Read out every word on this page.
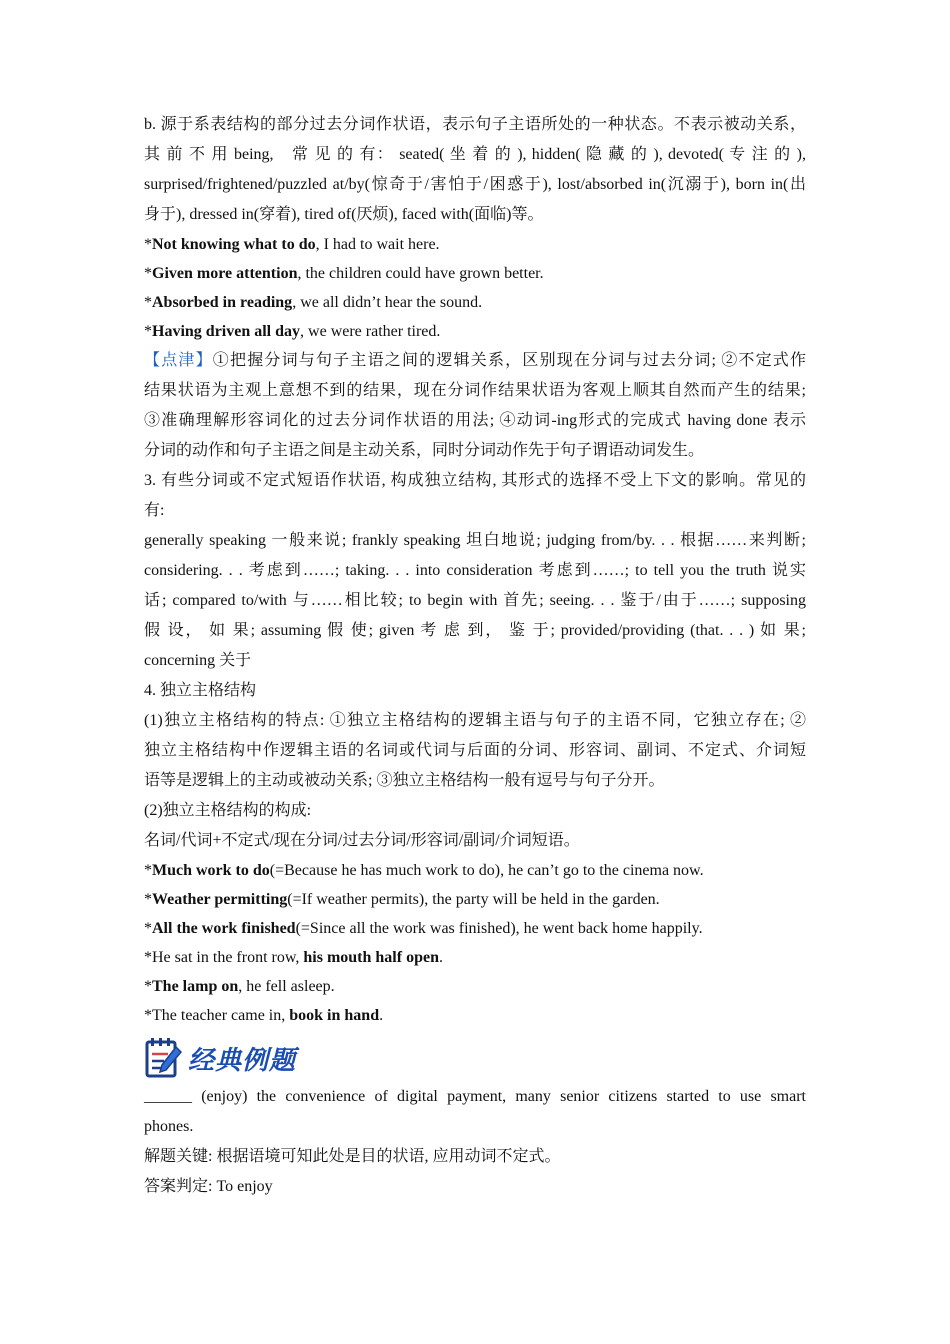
b. 源于系表结构的部分过去分词作状语，表示句子主语所处的一种状态。不表示被动关系，

其 前 不 用 being,　常 见 的 有： seated( 坐 着 的 ), hidden( 隐 藏 的 ), devoted( 专 注 的 ),

surprised/frightened/puzzled at/by(惊奇于/害怕于/困惑于), lost/absorbed in(沉溺于), born in(出

身于), dressed in(穿着), tired of(厌烦), faced with(面临)等。

*Not knowing what to do, I had to wait here.

*Given more attention, the children could have grown better.

*Absorbed in reading, we all didn’t hear the sound.

*Having driven all day, we were rather tired.

【点津】①把握分词与句子主语之间的逻辑关系，区别现在分词与过去分词; ②不定式作

结果状语为主观上意想不到的结果，现在分词作结果状语为客观上顺其自然而产生的结果;

③准确理解形容词化的过去分词作状语的用法; ④动词-ing形式的完成式 having done 表示

分词的动作和句子主语之间是主动关系，同时分词动作先于句子谓语动词发生。

3. 有些分词或不定式短语作状语, 构成独立结构, 其形式的选择不受上下文的影响。常见的

有:

generally speaking 一般来说; frankly speaking 坦白地说; judging from/by. . . 根据……来判断;

considering. . . 考虑到……; taking. . . into consideration 考虑到……; to tell you the truth 说实

话; compared to/with 与……相比较; to begin with 首先; seeing. . . 鉴于/由于……; supposing

假 设， 如 果; assuming 假 使; given 考 虑 到， 鉴 于; provided/providing (that. . . ) 如 果;

concerning 关于

4. 独立主格结构

(1)独立主格结构的特点: ①独立主格结构的逻辑主语与句子的主语不同，它独立存在; ②

独立主格结构中作逻辑主语的名词或代词与后面的分词、形容词、副词、不定式、介词短

语等是逻辑上的主动或被动关系; ③独立主格结构一般有逗号与句子分开。

(2)独立主格结构的构成:

名词/代词+不定式/现在分词/过去分词/形容词/副词/介词短语。

*Much work to do(=Because he has much work to do), he can’t go to the cinema now.

*Weather permitting(=If weather permits), the party will be held in the garden.

*All the work finished(=Since all the work was finished), he went back home happily.

*He sat in the front row, his mouth half open.

*The lamp on, he fell asleep.

*The teacher came in, book in hand.

经典例题

______ (enjoy) the convenience of digital payment, many senior citizens started to use smart

phones.

解题关键: 根据语境可知此处是目的状语, 应用动词不定式。

答案判定: To enjoy
